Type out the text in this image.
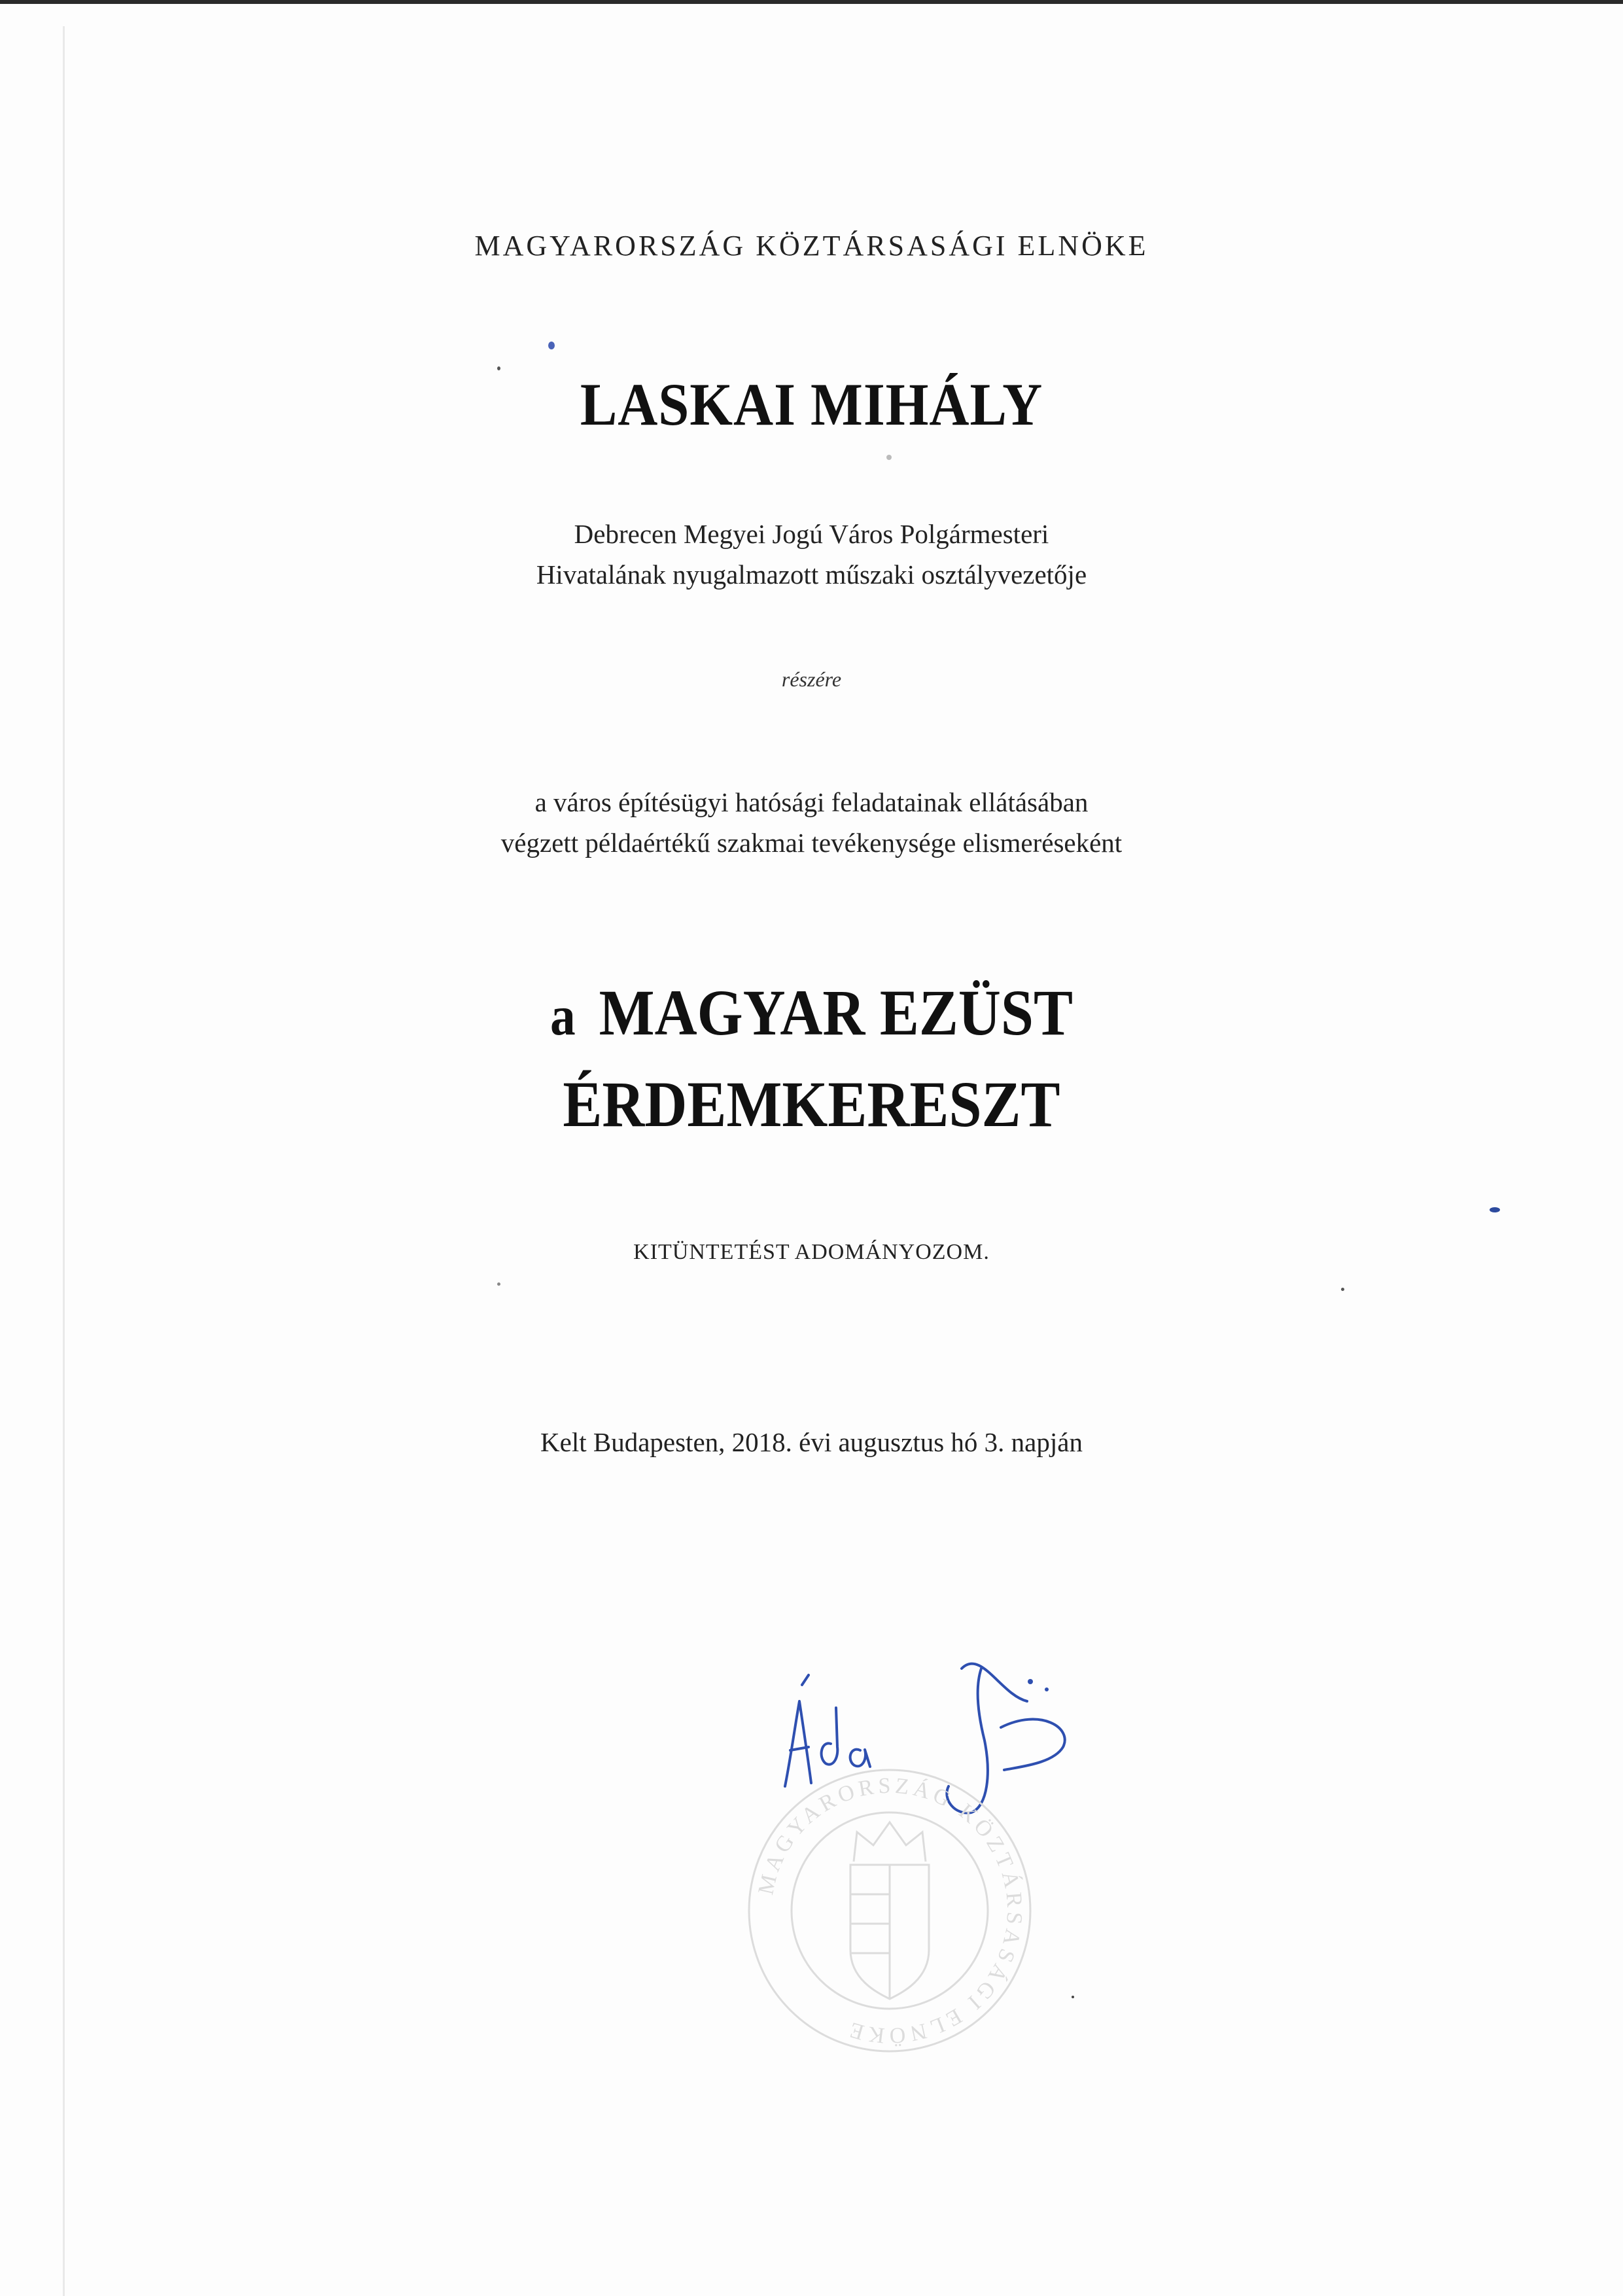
MAGYARORSZÁG KÖZTÁRSASÁGI ELNÖKE
LASKAI MIHÁLY
Debrecen Megyei Jogú Város Polgármesteri
Hivatalának nyugalmazott műszaki osztályvezetője
részére
a város építésügyi hatósági feladatainak ellátásában
végzett példaértékű szakmai tevékenysége elismeréseként
a MAGYAR EZÜST
ÉRDEMKERESZT
KITÜNTETÉST ADOMÁNYOZOM.
Kelt Budapesten, 2018. évi augusztus hó 3. napján
MAGYARORSZÁG KÖZTÁRSASÁGI ELNÖKE
